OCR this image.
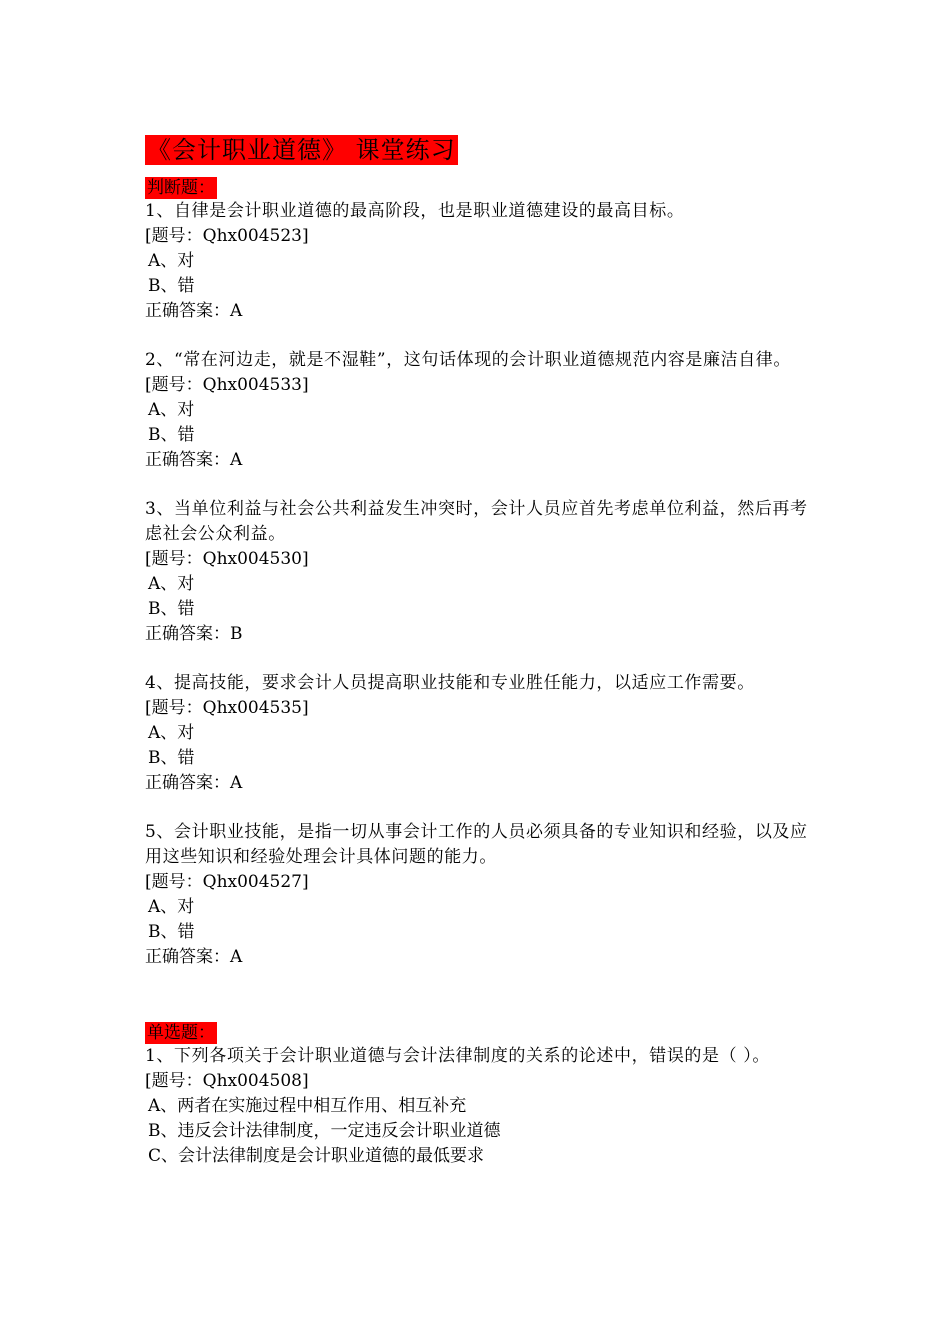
《会计职业道德》 课堂练习
判断题：
1、自律是会计职业道德的最高阶段，也是职业道德建设的最高目标。
[题号：Qhx004523]
A、对
B、错
正确答案：A
2、“常在河边走，就是不湿鞋”，这句话体现的会计职业道德规范内容是廉洁自律。
[题号：Qhx004533]
A、对
B、错
正确答案：A
3、当单位利益与社会公共利益发生冲突时，会计人员应首先考虑单位利益，然后再考虑社会公众利益。
[题号：Qhx004530]
A、对
B、错
正确答案：B
4、提高技能，要求会计人员提高职业技能和专业胜任能力，以适应工作需要。
[题号：Qhx004535]
A、对
B、错
正确答案：A
5、会计职业技能，是指一切从事会计工作的人员必须具备的专业知识和经验，以及应用这些知识和经验处理会计具体问题的能力。
[题号：Qhx004527]
A、对
B、错
正确答案：A
单选题：
1、下列各项关于会计职业道德与会计法律制度的关系的论述中，错误的是（ ）。
[题号：Qhx004508]
A、两者在实施过程中相互作用、相互补充
B、违反会计法律制度，一定违反会计职业道德
C、会计法律制度是会计职业道德的最低要求
